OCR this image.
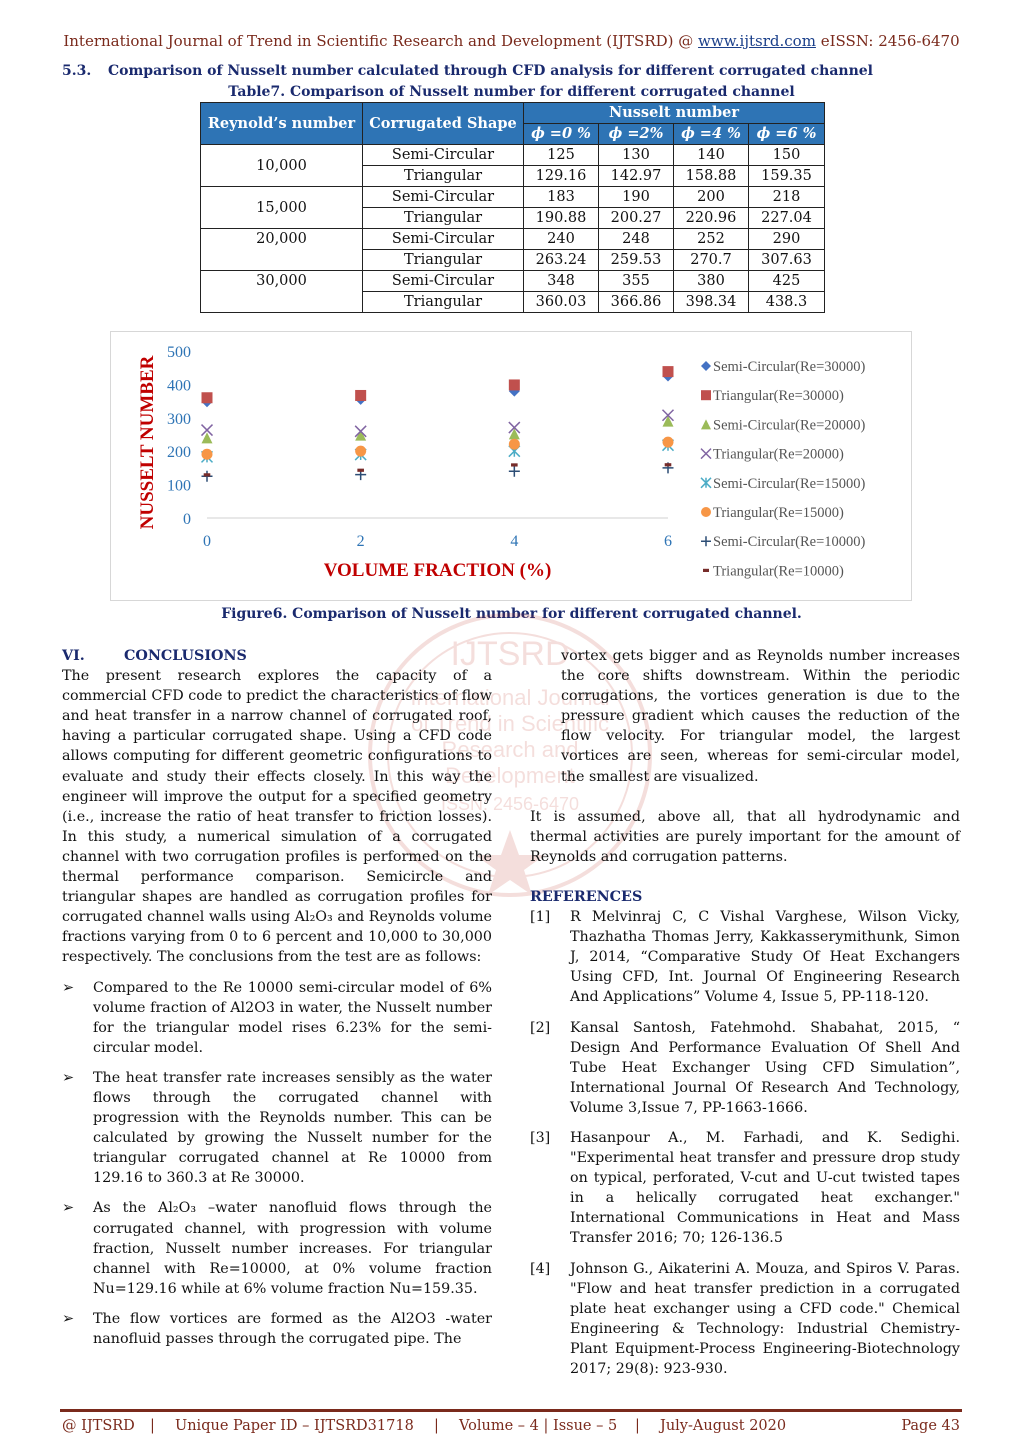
International Journal of Trend in Scientific Research and Development (IJTSRD) @ www.ijtsrd.com eISSN: 2456-6470
5.3. Comparison of Nusselt number calculated through CFD analysis for different corrugated channel
Table7. Comparison of Nusselt number for different corrugated channel
Reynold’s number	Corrugated Shape	Nusselt number			
		ϕ =0 %	ϕ =2%	ϕ =4 %	ϕ =6 %
10,000	Semi-Circular	125	130	140	150
	Triangular	129.16	142.97	158.88	159.35
15,000	Semi-Circular	183	190	200	218
	Triangular	190.88	200.27	220.96	227.04
20,000	Semi-Circular	240	248	252	290
	Triangular	263.24	259.53	270.7	307.63
30,000	Semi-Circular	348	355	380	425
	Triangular	360.03	366.86	398.34	438.3
0
100
200
300
400
500
0	2	4	6
VOLUME FRACTION (%)
NUSSELT NUMBER	Semi-Circular(Re=30000)
Triangular(Re=30000)
Semi-Circular(Re=20000)
Triangular(Re=20000)
Semi-Circular(Re=15000)
Triangular(Re=15000)
Semi-Circular(Re=10000)
Triangular(Re=10000)
Figure6. Comparison of Nusselt number for different corrugated channel.
IJTSRD
International Journal
of Trend in Scientific
Research and
Development
ISSN: 2456-6470

VI.	CONCLUSIONS

The present research explores the capacity of a commercial CFD code to predict the characteristics of flow and heat transfer in a narrow channel of corrugated roof, having a particular corrugated shape. Using a CFD code allows computing for different geometric configurations to evaluate and study their effects closely. In this way the engineer will improve the output for a specified geometry (i.e., increase the ratio of heat transfer to friction losses). In this study, a numerical simulation of a corrugated channel with two corrugation profiles is performed on the thermal performance comparison. Semicircle and triangular shapes are handled as corrugation profiles for corrugated channel walls using Al₂O₃ and Reynolds volume fractions varying from 0 to 6 percent and 10,000 to 30,000 respectively. The conclusions from the test are as follows:

➢ Compared to the Re 10000 semi-circular model of 6% volume fraction of Al2O3 in water, the Nusselt number for the triangular model rises 6.23% for the semi-circular model.

➢ The heat transfer rate increases sensibly as the water flows through the corrugated channel with progression with the Reynolds number. This can be calculated by growing the Nusselt number for the triangular corrugated channel at Re 10000 from 129.16 to 360.3 at Re 30000.

➢ As the Al₂O₃ –water nanofluid flows through the corrugated channel, with progression with volume fraction, Nusselt number increases. For triangular channel with Re=10000, at 0% volume fraction Nu=129.16 while at 6% volume fraction Nu=159.35.

➢ The flow vortices are formed as the Al2O3 -water nanofluid passes through the corrugated pipe. The

vortex gets bigger and as Reynolds number increases the core shifts downstream. Within the periodic corrugations, the vortices generation is due to the pressure gradient which causes the reduction of the flow velocity. For triangular model, the largest vortices are seen, whereas for semi-circular model, the smallest are visualized.

It is assumed, above all, that all hydrodynamic and thermal activities are purely important for the amount of Reynolds and corrugation patterns.

REFERENCES

[1] R Melvinraj C, C Vishal Varghese, Wilson Vicky, Thazhatha Thomas Jerry, Kakkasserymithunk, Simon J, 2014, “Comparative Study Of Heat Exchangers Using CFD, Int. Journal Of Engineering Research And Applications” Volume 4, Issue 5, PP-118-120.

[2] Kansal Santosh, Fatehmohd. Shabahat, 2015, “ Design And Performance Evaluation Of Shell And Tube Heat Exchanger Using CFD Simulation”, International Journal Of Research And Technology, Volume 3,Issue 7, PP-1663-1666.

[3] Hasanpour A., M. Farhadi, and K. Sedighi. "Experimental heat transfer and pressure drop study on typical, perforated, V-cut and U-cut twisted tapes in a helically corrugated heat exchanger." International Communications in Heat and Mass Transfer 2016; 70; 126-136.5

[4] Johnson G., Aikaterini A. Mouza, and Spiros V. Paras. "Flow and heat transfer prediction in a corrugated plate heat exchanger using a CFD code." Chemical Engineering & Technology: Industrial Chemistry-Plant Equipment-Process Engineering-Biotechnology 2017; 29(8): 923-930.

@ IJTSRD | Unique Paper ID – IJTSRD31718 | Volume – 4 | Issue – 5 | July-August 2020	Page 43
